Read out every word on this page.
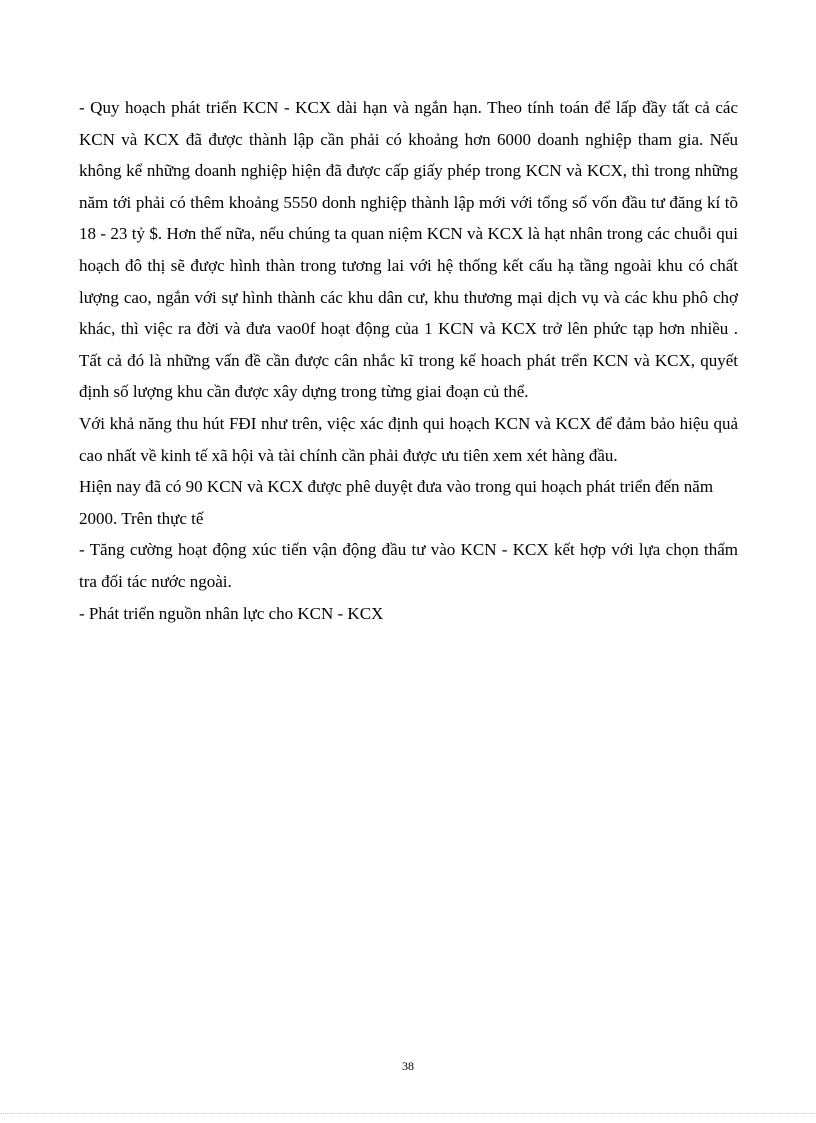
- Quy hoạch phát triển KCN - KCX dài hạn và ngắn hạn. Theo tính toán để lấp đầy tất cả các KCN và KCX đã được thành lập cần phải có khoảng hơn 6000 doanh nghiệp tham gia. Nếu không kể những doanh nghiệp hiện đã được cấp giấy phép trong KCN và KCX, thì trong những năm tới phải có thêm khoảng 5550 donh nghiệp thành lập mới với tổng số vốn đầu tư đăng kí tõ 18 - 23 tỷ $. Hơn thế nữa, nếu chúng ta quan niệm KCN và KCX là hạt nhân trong các chuỗi qui hoạch đô thị sẽ được hình thàn trong tương lai với hệ thống kết cấu hạ tầng ngoài khu có chất lượng cao, ngắn với sự hình thành các khu dân cư, khu thương mại dịch vụ và các khu phô chợ khác, thì việc ra đời và đưa vao0f hoạt động của 1 KCN và KCX trở lên phức tạp hơn nhiều . Tất cả đó là những vấn đề cần được cân nhắc kĩ trong kế hoach phát trển KCN và KCX, quyết định số lượng khu cần được xây dựng trong từng giai đoạn củ thể.

Với khả năng thu hút FĐI như trên, việc xác định qui hoạch KCN và KCX để đảm bảo hiệu quả cao nhất về kinh tế xã hội và tài chính cần phải được ưu tiên xem xét hàng đầu.

Hiện nay đã có 90 KCN và KCX được phê duyệt đưa vào trong qui hoạch phát triển đến năm 2000. Trên thực tế

- Tăng cường hoạt động xúc tiến vận động đầu tư vào KCN - KCX kết hợp với lựa chọn thẩm tra đối tác nước ngoài.

- Phát triển nguồn nhân lực cho KCN - KCX

38
